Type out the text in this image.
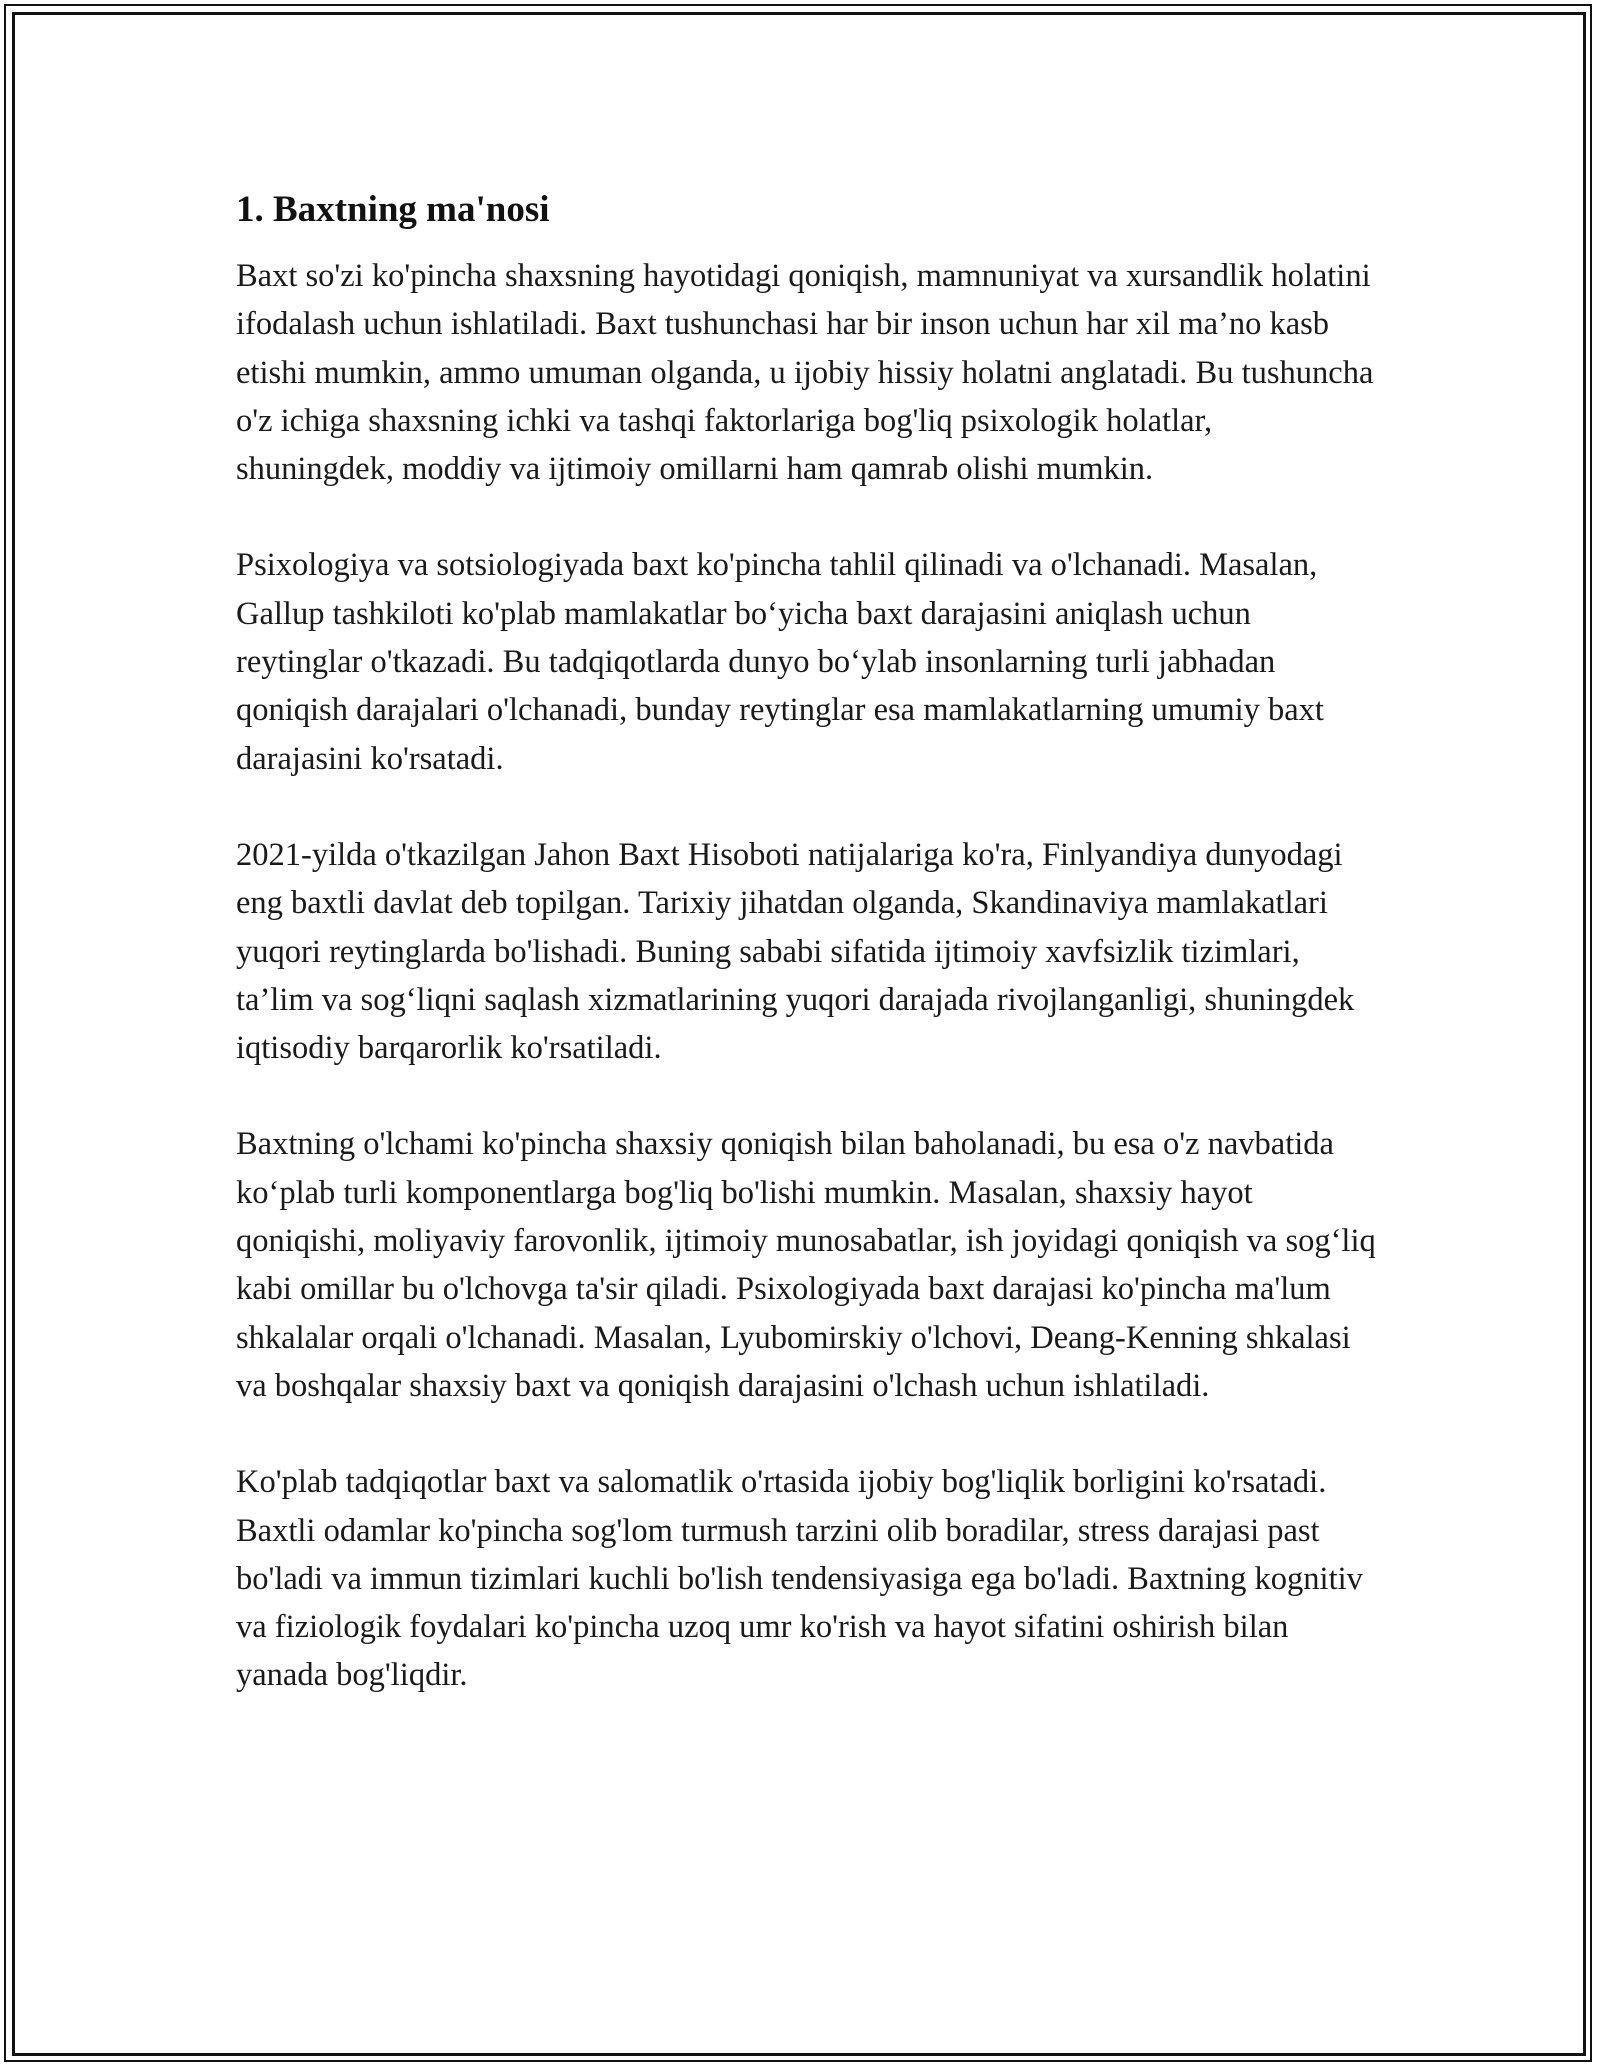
1. Baxtning ma'nosi

Baxt so'zi ko'pincha shaxsning hayotidagi qoniqish, mamnuniyat va xursandlik holatini ifodalash uchun ishlatiladi. Baxt tushunchasi har bir inson uchun har xil ma’no kasb etishi mumkin, ammo umuman olganda, u ijobiy hissiy holatni anglatadi. Bu tushuncha o'z ichiga shaxsning ichki va tashqi faktorlariga bog'liq psixologik holatlar, shuningdek, moddiy va ijtimoiy omillarni ham qamrab olishi mumkin.

Psixologiya va sotsiologiyada baxt ko'pincha tahlil qilinadi va o'lchanadi. Masalan, Gallup tashkiloti ko'plab mamlakatlar bo‘yicha baxt darajasini aniqlash uchun reytinglar o'tkazadi. Bu tadqiqotlarda dunyo bo‘ylab insonlarning turli jabhadan qoniqish darajalari o'lchanadi, bunday reytinglar esa mamlakatlarning umumiy baxt darajasini ko'rsatadi.

2021-yilda o'tkazilgan Jahon Baxt Hisoboti natijalariga ko'ra, Finlyandiya dunyodagi eng baxtli davlat deb topilgan. Tarixiy jihatdan olganda, Skandinaviya mamlakatlari yuqori reytinglarda bo'lishadi. Buning sababi sifatida ijtimoiy xavfsizlik tizimlari, ta’lim va sog‘liqni saqlash xizmatlarining yuqori darajada rivojlanganligi, shuningdek iqtisodiy barqarorlik ko'rsatiladi.

Baxtning o'lchami ko'pincha shaxsiy qoniqish bilan baholanadi, bu esa o'z navbatida ko‘plab turli komponentlarga bog'liq bo'lishi mumkin. Masalan, shaxsiy hayot qoniqishi, moliyaviy farovonlik, ijtimoiy munosabatlar, ish joyidagi qoniqish va sog‘liq kabi omillar bu o'lchovga ta'sir qiladi. Psixologiyada baxt darajasi ko'pincha ma'lum shkalalar orqali o'lchanadi. Masalan, Lyubomirskiy o'lchovi, Deang-Kenning shkalasi va boshqalar shaxsiy baxt va qoniqish darajasini o'lchash uchun ishlatiladi.

Ko'plab tadqiqotlar baxt va salomatlik o'rtasida ijobiy bog'liqlik borligini ko'rsatadi. Baxtli odamlar ko'pincha sog'lom turmush tarzini olib boradilar, stress darajasi past bo'ladi va immun tizimlari kuchli bo'lish tendensiyasiga ega bo'ladi. Baxtning kognitiv va fiziologik foydalari ko'pincha uzoq umr ko'rish va hayot sifatini oshirish bilan yanada bog'liqdir.
